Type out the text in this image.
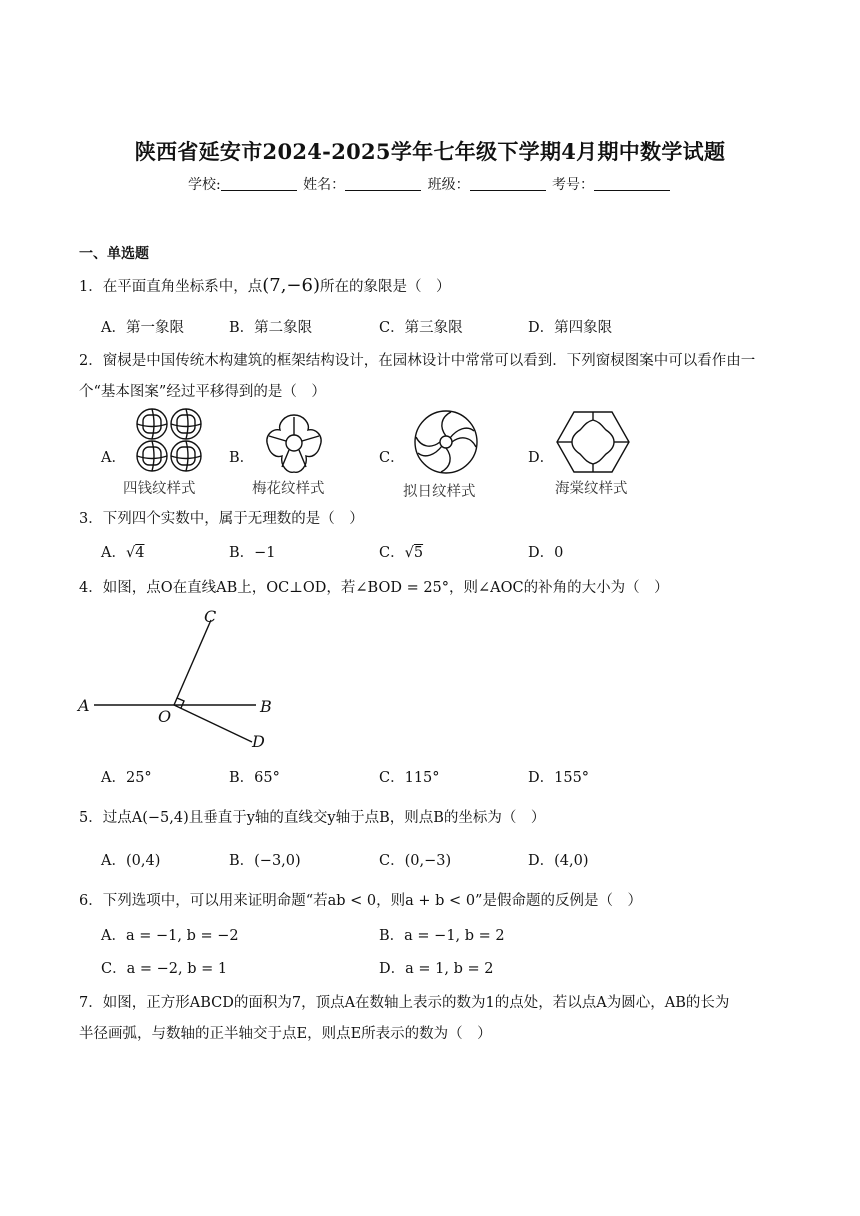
陕西省延安市2024-2025学年七年级下学期4月期中数学试题
学校:	姓名：	班级：	考号：
一、单选题
1．在平面直角坐标系中，点(7,−6)所在的象限是（　）
A．第一象限	B．第二象限	C．第三象限	D．第四象限
2．窗棂是中国传统木构建筑的框架结构设计，在园林设计中常常可以看到．下列窗棂图案中可以看作由一
个“基本图案”经过平移得到的是（　）
A．	B．	C．	D．
四钱纹样式	梅花纹样式	拟日纹样式	海棠纹样式
3．下列四个实数中，属于无理数的是（　）
A．√4	B．−1	C．√5	D．0
4．如图，点O在直线AB上，OC⊥OD，若∠BOD = 25°，则∠AOC的补角的大小为（　）
A	B
C
D
O
A．25°	B．65°	C．115°	D．155°
5．过点A(−5,4)且垂直于y轴的直线交y轴于点B，则点B的坐标为（　）
A．(0,4)	B．(−3,0)	C．(0,−3)	D．(4,0)
6．下列选项中，可以用来证明命题“若ab < 0，则a + b < 0”是假命题的反例是（　）
A．a = −1, b = −2	B．a = −1, b = 2
C．a = −2, b = 1	D．a = 1, b = 2
7．如图，正方形ABCD的面积为7，顶点A在数轴上表示的数为1的点处，若以点A为圆心，AB的长为
半径画弧，与数轴的正半轴交于点E，则点E所表示的数为（　）
